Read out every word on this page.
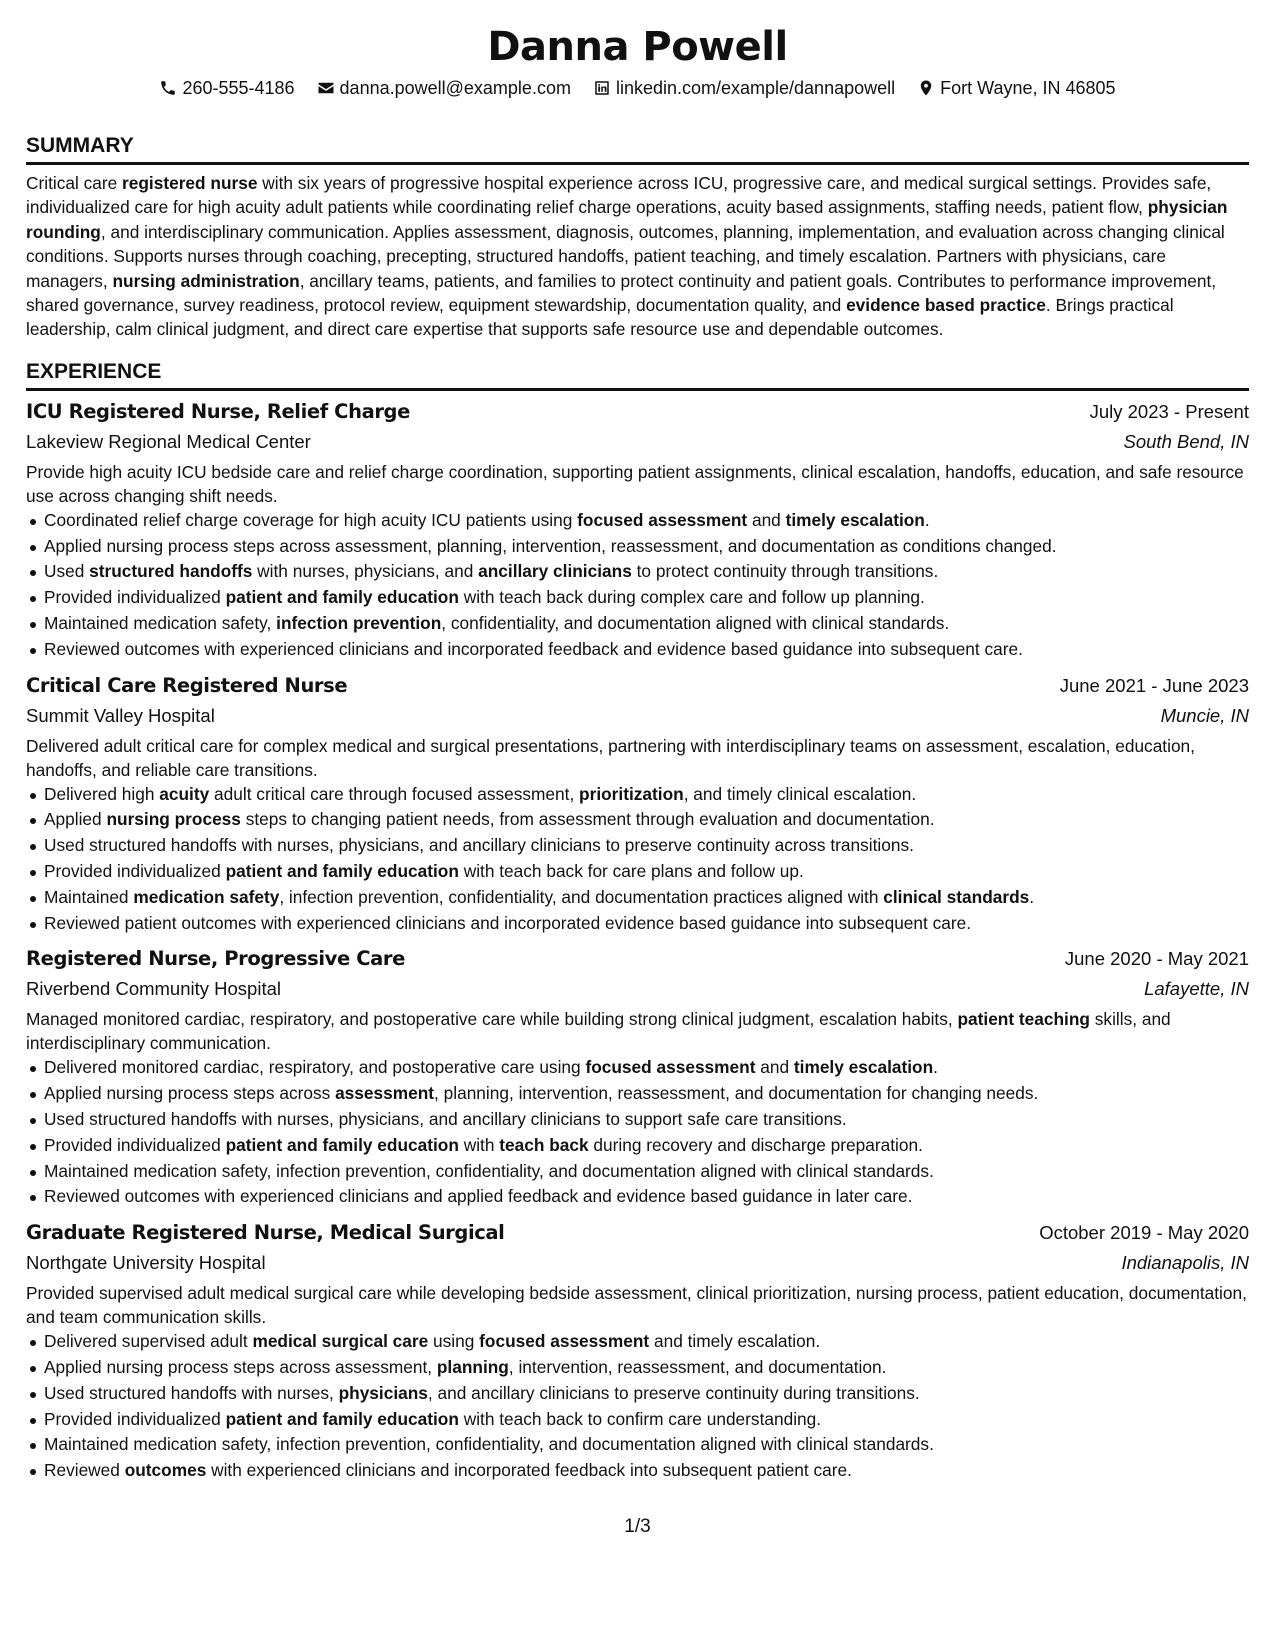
Danna Powell
260-555-4186	danna.powell@example.com	linkedin.com/example/dannapowell	Fort Wayne, IN 46805
SUMMARY

Critical care registered nurse with six years of progressive hospital experience across ICU, progressive care, and medical surgical settings. Provides safe, individualized care for high acuity adult patients while coordinating relief charge operations, acuity based assignments, staffing needs, patient flow, physician rounding, and interdisciplinary communication. Applies assessment, diagnosis, outcomes, planning, implementation, and evaluation across changing clinical conditions. Supports nurses through coaching, precepting, structured handoffs, patient teaching, and timely escalation. Partners with physicians, care managers, nursing administration, ancillary teams, patients, and families to protect continuity and patient goals. Contributes to performance improvement, shared governance, survey readiness, protocol review, equipment stewardship, documentation quality, and evidence based practice. Brings practical leadership, calm clinical judgment, and direct care expertise that supports safe resource use and dependable outcomes.

EXPERIENCE
ICU Registered Nurse, Relief Charge	July 2023 - Present
Lakeview Regional Medical Center	South Bend, IN

Provide high acuity ICU bedside care and relief charge coordination, supporting patient assignments, clinical escalation, handoffs, education, and safe resource use across changing shift needs.

Coordinated relief charge coverage for high acuity ICU patients using focused assessment and timely escalation.
Applied nursing process steps across assessment, planning, intervention, reassessment, and documentation as conditions changed.
Used structured handoffs with nurses, physicians, and ancillary clinicians to protect continuity through transitions.
Provided individualized patient and family education with teach back during complex care and follow up planning.
Maintained medication safety, infection prevention, confidentiality, and documentation aligned with clinical standards.
Reviewed outcomes with experienced clinicians and incorporated feedback and evidence based guidance into subsequent care.
Critical Care Registered Nurse	June 2021 - June 2023
Summit Valley Hospital	Muncie, IN

Delivered adult critical care for complex medical and surgical presentations, partnering with interdisciplinary teams on assessment, escalation, education, handoffs, and reliable care transitions.

Delivered high acuity adult critical care through focused assessment, prioritization, and timely clinical escalation.
Applied nursing process steps to changing patient needs, from assessment through evaluation and documentation.
Used structured handoffs with nurses, physicians, and ancillary clinicians to preserve continuity across transitions.
Provided individualized patient and family education with teach back for care plans and follow up.
Maintained medication safety, infection prevention, confidentiality, and documentation practices aligned with clinical standards.
Reviewed patient outcomes with experienced clinicians and incorporated evidence based guidance into subsequent care.
Registered Nurse, Progressive Care	June 2020 - May 2021
Riverbend Community Hospital	Lafayette, IN

Managed monitored cardiac, respiratory, and postoperative care while building strong clinical judgment, escalation habits, patient teaching skills, and interdisciplinary communication.

Delivered monitored cardiac, respiratory, and postoperative care using focused assessment and timely escalation.
Applied nursing process steps across assessment, planning, intervention, reassessment, and documentation for changing needs.
Used structured handoffs with nurses, physicians, and ancillary clinicians to support safe care transitions.
Provided individualized patient and family education with teach back during recovery and discharge preparation.
Maintained medication safety, infection prevention, confidentiality, and documentation aligned with clinical standards.
Reviewed outcomes with experienced clinicians and applied feedback and evidence based guidance in later care.
Graduate Registered Nurse, Medical Surgical	October 2019 - May 2020
Northgate University Hospital	Indianapolis, IN

Provided supervised adult medical surgical care while developing bedside assessment, clinical prioritization, nursing process, patient education, documentation, and team communication skills.

Delivered supervised adult medical surgical care using focused assessment and timely escalation.
Applied nursing process steps across assessment, planning, intervention, reassessment, and documentation.
Used structured handoffs with nurses, physicians, and ancillary clinicians to preserve continuity during transitions.
Provided individualized patient and family education with teach back to confirm care understanding.
Maintained medication safety, infection prevention, confidentiality, and documentation aligned with clinical standards.
Reviewed outcomes with experienced clinicians and incorporated feedback into subsequent patient care.
1/3
